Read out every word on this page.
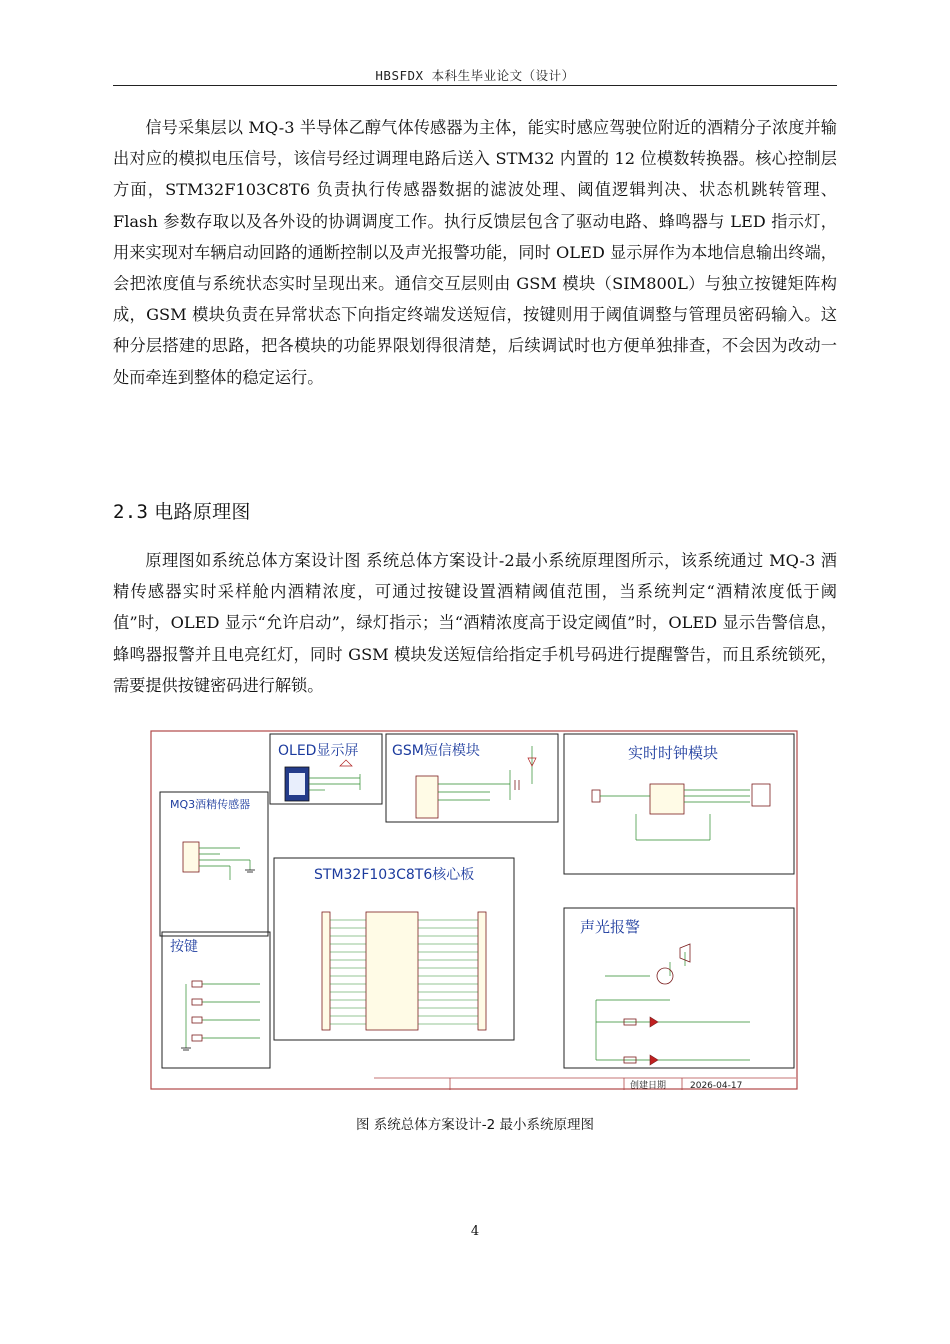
HBSFDX 本科生毕业论文（设计）

信号采集层以 MQ-3 半导体乙醇气体传感器为主体，能实时感应驾驶位附近的酒精分子浓度并输出对应的模拟电压信号，该信号经过调理电路后送入 STM32 内置的 12 位模数转换器。核心控制层方面，STM32F103C8T6 负责执行传感器数据的滤波处理、阈值逻辑判决、状态机跳转管理、Flash 参数存取以及各外设的协调调度工作。执行反馈层包含了驱动电路、蜂鸣器与 LED 指示灯，用来实现对车辆启动回路的通断控制以及声光报警功能，同时 OLED 显示屏作为本地信息输出终端，会把浓度值与系统状态实时呈现出来。通信交互层则由 GSM 模块（SIM800L）与独立按键矩阵构成，GSM 模块负责在异常状态下向指定终端发送短信，按键则用于阈值调整与管理员密码输入。这种分层搭建的思路，把各模块的功能界限划得很清楚，后续调试时也方便单独排查，不会因为改动一处而牵连到整体的稳定运行。

2.3 电路原理图

原理图如系统总体方案设计图 系统总体方案设计-2最小系统原理图所示，该系统通过 MQ-3 酒精传感器实时采样舱内酒精浓度，可通过按键设置酒精阈值范围，当系统判定“酒精浓度低于阈值”时，OLED 显示“允许启动”，绿灯指示；当“酒精浓度高于设定阈值”时，OLED 显示告警信息，蜂鸣器报警并且电亮红灯，同时 GSM 模块发送短信给指定手机号码进行提醒警告，而且系统锁死，需要提供按键密码进行解锁。

OLED显示屏 GSM短信模块	实时时钟模块
MQ3酒精传感器
STM32F103C8T6核心板
按键
声光报警
创建日期	2026-04-17
图 系统总体方案设计-2 最小系统原理图
4
